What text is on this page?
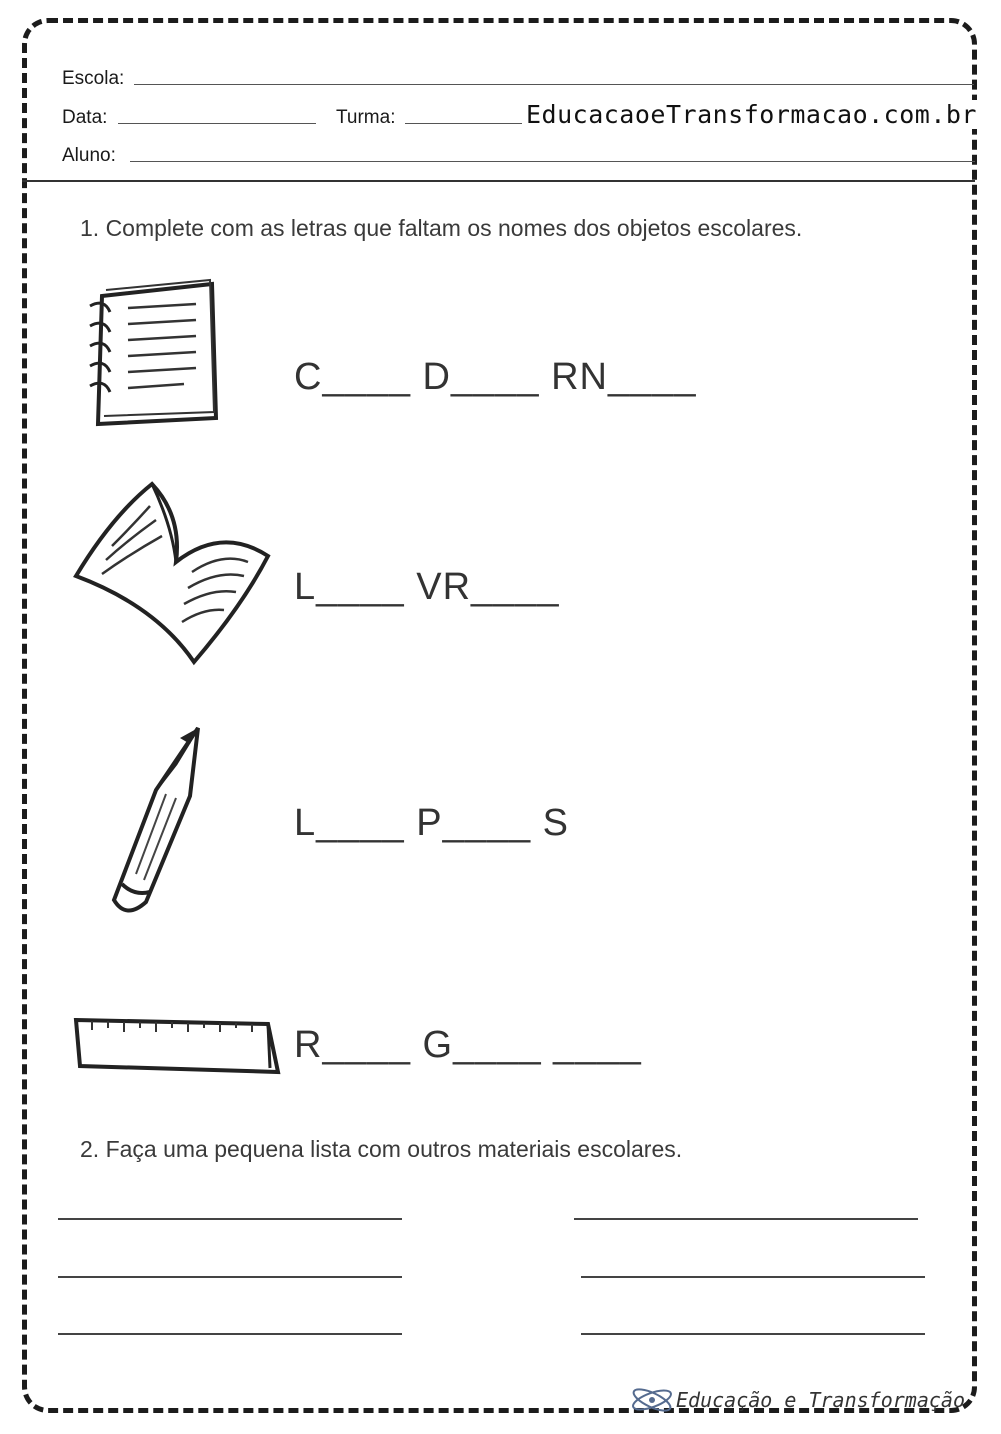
Escola:
Data:	Turma:	EducacaoeTransformacao.com.br
Aluno:
1. Complete com as letras que faltam os nomes dos objetos escolares.
C____ D____ RN____
L____ VR____
L____ P____ S
R____ G____ ____
2. Faça uma pequena lista com outros materiais escolares.
Educação e Transformação
